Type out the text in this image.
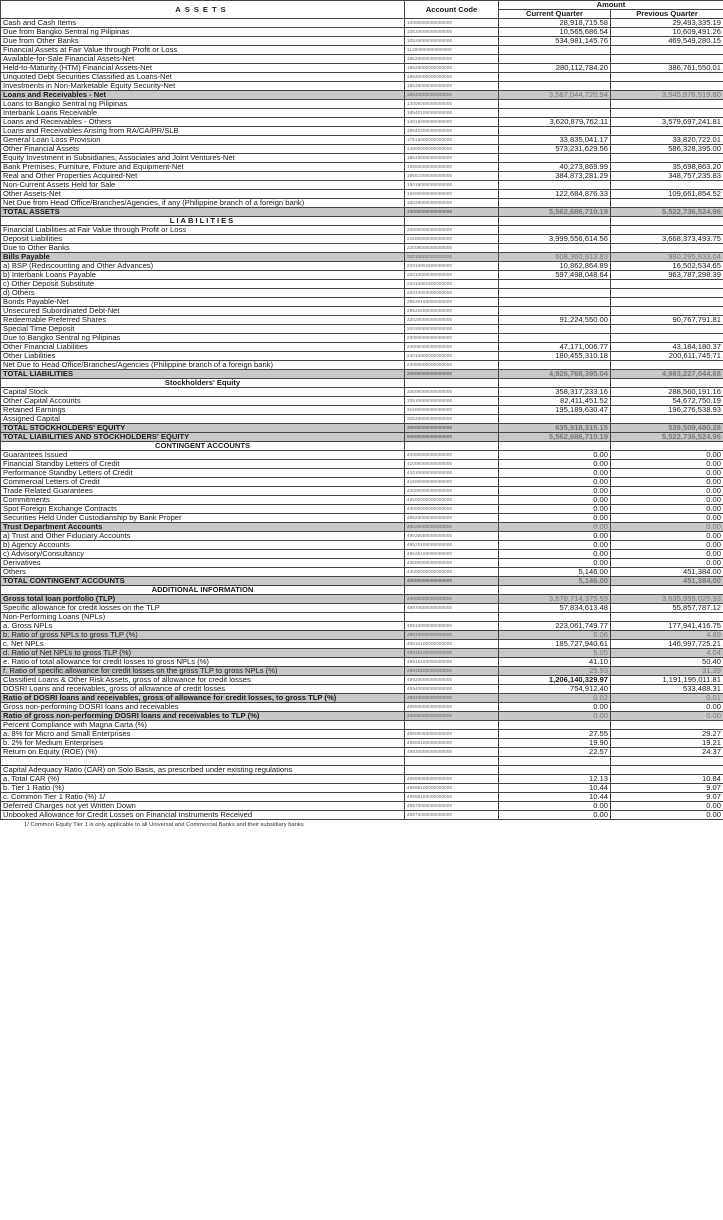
ASSETS	Account Code	Amount	
		Current Quarter	Previous Quarter
Cash and Cash Items	10000000000000000	28,918,715.58	29,493,335.19
Due from Bangko Sentral ng Pilipinas	10510000000000000	10,565,686.54	10,609,491.26
Due from Other Banks	10520000000000000	534,981,145.76	469,549,280.15
Financial Assets at Fair Value through Profit or Loss	11200000000000000		
Available-for-Sale Financial Assets-Net	19520000000000000		
Held-to-Maturity (HTM) Financial Assets-Net	19525000000000000	280,112,784.20	386,761,550.01
Unquoted Debt Securities Classified as Loans-Net	19530000000000000		
Investments in Non-Marketable Equity Security-Net	19535000000000000		
Loans and Receivables - Net	19540000000000000	3,587,044,720.94	3,545,876,519.80
Loans to Bangko Sentral ng Pilipinas	14005000000000000		
Interbank Loans Receivable	19540100000000000		
Loans and Receivables - Others	14015000000000000	3,620,879,762.11	3,579,697,241.81
Loans and Receivables Arising from RA/CA/PR/SLB	19540200000000000		
General Loan Loss Provision	17515000000000000	33,835,041.17	33,820,722.01
Other Financial Assets	14800000000000000	573,231,629.56	586,328,395.00
Equity Investment in Subsidiaries, Associates and Joint Ventures-Net	19545000000000000		
Bank Premises, Furniture, Fixture and Equipment-Net	19550000000000000	40,273,869.99	35,698,863.20
Real and Other Properties Acquired-Net	19551000000000000	384,873,281.29	348,757,235.83
Non-Current Assets Held for Sale	15018000000000000		
Other Assets-Net	16200000000000000	122,684,876.33	109,661,854.52
Net Due from Head Office/Branches/Agencies, if any (Philippine branch of a foreign bank)	15028000000000000		
TOTAL ASSETS	10000000000000000	5,562,686,710.19	5,522,736,524.96
LIABILITIES			
Financial Liabilities at Fair Value through Profit or Loss	20800000000000000		
Deposit Liabilities	21500000000000000	3,999,556,614.56	3,668,373,493.75
Due to Other Banks	22009000000000000		
Bills Payable	22010000000000000	608,360,913.83	980,295,833.04
a) BSP (Rediscounting and Other Advances)	22010001500000000	10,862,864.89	16,502,534.65
b) Interbank Loans Payable	22010000000000000	597,498,048.64	963,787,298.39
c) Other Deposit Substitute	22010002500000000		
d) Others	22010003000000000		
Bonds Payable-Net	29520150000000000		
Unsecured Subordinated Debt-Net	29520200000000000		
Redeemable Preferred Shares	22025000000000000	91,224,550.00	90,767,791.81
Special Time Deposit	22030000000000000		
Due to Bangko Sentral ng Pilipinas	23050000000000000		
Other Financial Liabilities	24005000000000000	47,171,006.77	43,184,180.37
Other Liabilities	24010000000000000	180,455,310.18	200,611,745.71
Net Due to Head Office/Branches/Agencies (Philippine branch of a foreign bank)	23085000000000000		
TOTAL LIABILITIES	20000000000000000	4,926,768,395.04	4,983,227,044.68
Stockholders' Equity			
Capital Stock	33505000000000000	358,317,233.16	288,560,191.16
Other Capital Accounts	33510000000000000	82,411,451.52	54,672,750.19
Retained Earnings	31600000000000000	195,189,630.47	196,276,538.93
Assigned Capital	32520000000000000		
TOTAL STOCKHOLDERS' EQUITY	30000000000000000	635,918,315.15	539,509,480.28
TOTAL LIABILITIES AND STOCKHOLDERS' EQUITY	90000000000000000	5,562,686,710.19	5,522,736,524.96
CONTINGENT ACCOUNTS			
Guarantees Issued	40000000000000000	0.00	0.00
Financial Standby Letters of Credit	41005000000000000	0.00	0.00
Performance Standby Letters of Credit	41010000000000000	0.00	0.00
Commercial Letters of Credit	41500000000000000	0.00	0.00
Trade Related Guarantees	42000000000000000	0.00	0.00
Commitments	42500000000000000	0.00	0.00
Spot Foreign Exchange Contracts	43000000000000000	0.00	0.00
Securities Held Under Custodianship by Bank Proper	49522000000000000	0.00	0.00
Trust Department Accounts	49525000000000000	0.00	0.00
a) Trust and Other Fiduciary Accounts	49525050000000000	0.00	0.00
b) Agency Accounts	49525100000000000	0.00	0.00
c) Advisory/Consultancy	49525150000000000	0.00	0.00
Derivatives	43500000000000000	0.00	0.00
Others	44000000000000000	5,146.00	451,384.00
TOTAL CONTINGENT ACCOUNTS	40000000000000000	5,146.00	451,384.00
ADDITIONAL INFORMATION			
Gross total loan portfolio (TLP)	49802000000000000	3,678,714,375.59	3,635,955,025.93
Specific allowance for credit losses on the TLP	49870000000000000	57,834,613.48	55,857,787.12
Non-Performing Loans (NPLs)			
a. Gross NPLs	49910000000000000	223,061,749.77	177,941,416.75
b. Ratio of gross NPLs to gross TLP (%)	49915000000000000	6.06	4.89
c. Net NPLs	49810100000000000	185,727,940.61	146,997,725.21
d. Ratio of Net NPLs to gross TLP (%)	49915100000000000	5.05	4.04
e. Ratio of total allowance for credit losses to gross NPLs (%)	49915150000000000	41.10	50.40
f. Ratio of specific allowance for credit losses on the gross TLP to gross NPLs (%)	49915200000000000	25.93	31.39
Classified Loans & Other Risk Assets, gross of allowance for credit losses	49920000000000000	1,206,140,329.97	1,191,195,011.81
DOSRI Loans and receivables, gross of allowance of credit losses	49940000000000000	754,912.40	533,488.31
Ratio of DOSRI loans and receivables, gross of allowance for credit losses, to gross TLP (%)	49945000000000000	0.02	0.01
Gross non-performing DOSRI loans and receivables	49950000000000000	0.00	0.00
Ratio of gross non-performing DOSRI loans and receivables to TLP (%)	49955000000000000	0.00	0.00
Percent Compliance with Magna Carta (%)			
a. 8% for Micro and Small Enterprises	49905050000000000	27.55	29.27
b. 2% for Medium Enterprises	49905100000000000	19.90	19.21
Return on Equity (ROE) (%)	49830000000000000	22.57	24.37

Capital Adequacy Ratio (CAR) on Solo Basis, as prescribed under existing regulations			
a. Total CAR (%)	49965050000000000	12.13	10.84
b. Tier 1 Ratio (%)	49965100000000000	10.44	9.07
c. Common Tier 1 Ratio (%) 1/	49965150000000000	10.44	9.07
Deferred Charges not yet Written Down	49970000000000000	0.00	0.00
Unbooked Allowance for Credit Losses on Financial Instruments Received	49975000000000000	0.00	0.00
1/ Common Equity Tier 1 is only applicable to all Universal and Commercial Banks and their subsidiary banks
